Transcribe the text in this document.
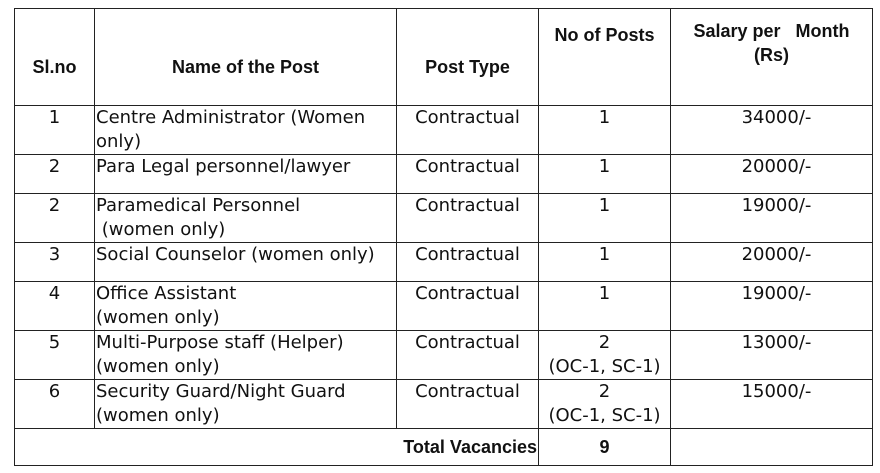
Sl.no	Name of the Post	Post Type	No of Posts	Salary per   Month
(Rs)

1	Centre Administrator (Women
only)	Contractual	1	34000/-
2	Para Legal personnel/lawyer	Contractual	1	20000/-
2	Paramedical Personnel
(women only)	Contractual	1	19000/-
3	Social Counselor (women only)	Contractual	1	20000/-
4	Office Assistant
(women only)	Contractual	1	19000/-
5	Multi-Purpose staff (Helper)
(women only)	Contractual	2
(OC-1, SC-1)	13000/-
6	Security Guard/Night Guard
(women only)	Contractual	2
(OC-1, SC-1)	15000/-
Total Vacancies			9	
